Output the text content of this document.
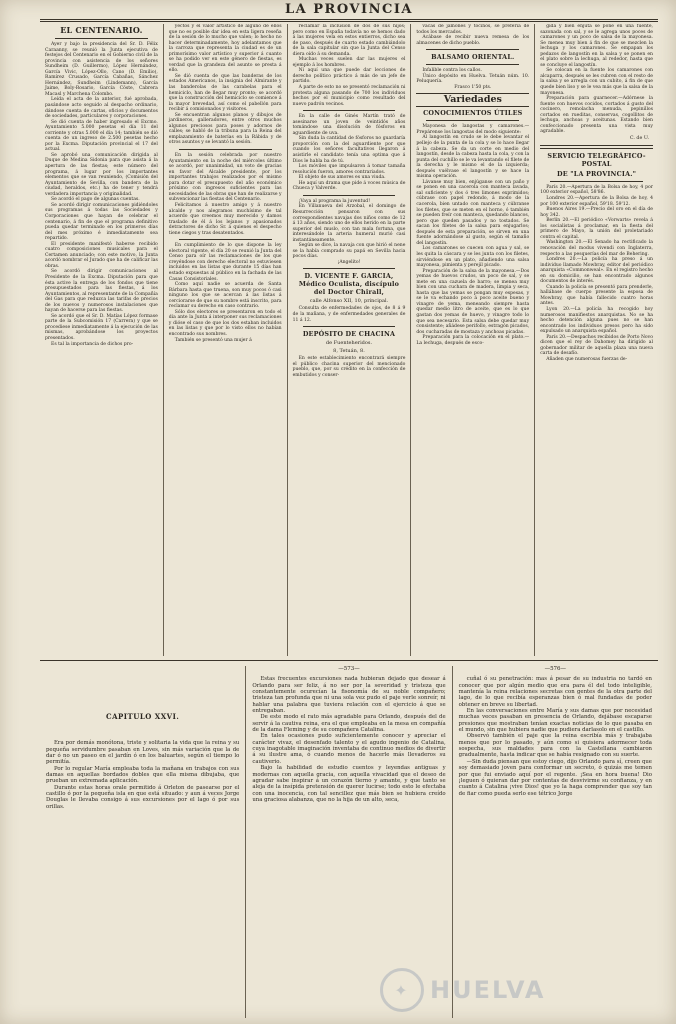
LA PROVINCIA
EL CENTENARIO.

Ayer y bajo la presidencia del Sr. D. Félix Caraanny, se reunió la Junta ejecutiva de festejos del Centenario en el Gobierno civil de la provincia con asistencia de los señores Sundheim (D. Guillermo), López Hernández, García Vivic, López-Ollo, Cano (D. Emilio), Ramírez Crusado, García Cabañas, Sánchez Hernández, Sundheim (Lindemann), García Jaime, Boly-Rosario, García Cöste, Cabrera Macasl y Marchena Colombo.

Leída el acta de la anterior, fué aprobada, pasándose acto seguido al despacho ordinario, dándose cuenta de cartas, oficios y documentos de sociedades, particulares y corporaciones.

Se dió cuenta de haber ingresado el Excmo. Ayuntamiento 5.000 pesetas el día 11 del corriente y otras 5.000 el día 14; también se dió cuenta de un ingreso de 2.500 pesetas hecho por la Excma. Diputación provincial el 17 del actual.

Se aprobó una comunicación dirigida al Duque de Medina Sidonia para que asista á la apertura de las fiestas; este número del programa, á lugar por los importantes elementos que se van reuniendo, (Comisión del Ayuntamiento de Sevilla, con bandera de la ciudad, heraldos, etc.) ha de tener y tendrá verdadera importancia y originalidad.

Se acordó el pago de algunas cuentas.

Se acordó dirigir comunicaciones pidiéndoles sus programas á todas las Sociedades y Corporaciones que hayan de celebrar el centenario, á fin de que el programa definitivo pueda quedar terminado en los primeros días del mes próximo é inmediatamente sea repartido.

El presidente manifestó haberse recibido cuatro composiciones musicales para el Certamen anunciado; con este motivo, la Junta acordó nombrar el Jurado que ha de calificar las obras.

Se acordó dirigir comunicaciones al Presidente de la Excma. Diputación para que ésta active la entrega de los fondos que tiene presupuestados para las fiestas, á los Ayuntamientos, al representante de la Compañía del Gas para que reduzca las tarifas de precios de los nuevos y numerosos instalaciones que hayan de hacerse para las fiestas.

Se acordó que el Sr. D. Matías López formase parte de la Subcomisión 17 (Carrera) y que se procediese inmediatamente á la ejecución de las mismas, aprobándose los proyectos presentados.

Es tal la importancia de dichos pro-

yectos y el valor artístico de alguno de ellos que no es posible dar idea en esta ligera reseña de la sesión de lo mucho que valen; lo hecho no hacer determinadamente, hoy adelantamos que la carroza que representa la ciudad es de un primorísimo valor artístico y superior á cuanto se ha podido ver en este género de fiestas, es verdad que la grandeza del asunto se presta á ello.

Se dió cuenta de que las banderas de los estados Americanos, la insignia del Almirante y las banderolas de las carabelas para el hemiciclo, han de llegar muy pronto; se acordó que la construcción del hemiciclo se comience á la mayor brevedad, así como el pabellón para recibir á comisionados y visitores.

Se encuentran algunos planos y dibujos de jardineros, galleradores, entre otros muchos algunos preciosos para poses y adornos de calles; se habló de la tribuna para la Reina del emplazamiento de baterías en la Rábida y de otros asuntos y se levantó la sesión.

En la sesión celebrada por nuestro Ayuntamiento en la noche del miércoles último se acordó, por unanimidad, un voto de gracias en favor del Alcalde presidente, por los importantes trabajos realizados por el mismo para dotar el presupuesto del año económico próximo con ingresos suficientes para las necesidades de las obras que han de realizarse y subvencionar las fiestas del Centenario.

Felicitamos á nuestro amigo y á nuestro alcalde y nos alegramos muchísimo de tal acuerdo que creemos muy merecido y damos traslado de él á los lejanos y apasionados detractores de dicho Sr. á quienes el despecho tiene ciegos y tras desatentados.

En cumplimiento de lo que dispone la ley electoral vigente, el día 20 se reunió la Junta del Censo para oír las reclamaciones de los que creyéndose con derecho electoral no estuviesen incluidos en las listas que durante 15 días han estado expuestas al público en la fachada de las Casas Consistoriales.

Como aquí nadie se acuerda de Santa Bárbara hasta que truena, son muy pocos ó casi ninguno los que se acercan á las listas á cerciorarse de que su nombre está inscrito, para reclamar su derecho en caso contrario.

Sólo dos electores se presentaron en todo el día ante la Junta á interponer sus reclamaciones y dióse el caso de que los dos estaban incluidos en las listas y que por lo visto ellos no habían encontrado sus nombres.

También se presentó una mujer á

reclamar la inclusión de dos de sus hijos; pero como en España todavía no se hemos dado á las mujeres vela en estos entierros, dicho sea de paso, después de cuarto estado cambiándolo de la sala capitular sin que la Junta del Censo diera oído á su demanda.

Muchas veces suelen dar las mujeres el ejemplo á los hombres.

Ni aquí una que puede dar lecciones de derecho político práctico á más de un jefe de partido.

A parte de esto no se presentó reclamación ni protesta alguna pasando de 700 los individuos hechos por el municipio como resultado del nuevo padrón vecinos.

En la calle de Ginés Martín trató de asesinarse un joven de veintidós años tomándose una disolución de fósforos en aguardiente de uva.

Sin duda la cantidad de fósforos no guardaría proporción con la del aguardiente por que cuando los señores facultativos llegaron á asistirle el candidato tenía una optima que á Dios le habla ba de tú.

Los móviles que impulsaron á tomar tamaña resolución fueron, amores contrariados.

El objeto de sus amores es una viuda.

He aquí un drama que pide á voces música de Chueca y Valverde.

¡Vaya al programa la juventud!

En Villanueva del Arzobal, el domingo de Resurrección pensaron con sus correspondientes navajas dos niños como de 12 á 13 años, siendo uno de ellos herido en la parte superior del muslo, con tan mala fortuna, que interesándole la arteria humeral murió casi instantáneamente.

Según se dice, la navaja con que hirió el nene se la había comprado su papá en Sevilla hacia pocos días.

¡Angelito!

D. VICENTE F. GARCIA, Médico Oculista, discípulo del Doctor Chirall,
calle Alfonso XII, 10, principal.

Consulta de enfermedades de ojos, de 8 á 9 de la mañana, y de enfermedades generales de 11 á 12.

DEPÓSITO DE CHACINA
de Fuenteheridos.
8, Tetuán, 8.

En este establecimiento encontrará siempre el público chacina superior del mencionado pueblo, que, por su crédito en la confección de embutidos y conser-

vacas de jamones y tocinos, se prefería de todos los mercados.

Acábase de recibir nueva remesa de los almacenes de dicho pueblo.

BALSAMO ORIENTAL.

Infalible contra los callos.

Único depósito en Huelva. Tetuán núm. 10. Peluquería.

Frasco 1'50 pts.

Variedades
CONOCIMIENTOS ÚTILES

Mayonesa de langostas y camarones.—Prepárense los langostas del modo siguiente:

Al langostín en crudo se le debe levantar el pellejo de la punta de la cola y se lo hace llegar á la cabeza. Se da un corte en medio del langostín, desde la cabeza hasta la cola, y con la punta del cuchillo se le va levantando el filete de la derecha y le mismo el de la izquierda; después vuélvase el langostín y se hace la misma operación.

Lávanse muy bien, enjúganse con un paño y se ponen en una cacerola con manteca lavada, sal suficiente y dos ó tres limones exprimidos; cúbrase con papel redondo, á modo de la cacerola, bien untado con manteca y cúbranse los filetes, que se meten en el horno, ó también se pueden freír con manteca, quedando blancos, pero que queden pasados y no tostados. Se sacan los filetes de la salsa para enjugarlos; después de esta preparación, se sirven en una fuente adornándose al gusto, según el tamaño del langostín.

Los camarones se cuecen con agua y sal, se les quita la cáscara y se les junta con los filetes, sirviéndose en un plato, añadiendo una salsa mayonesa, pimienta y perejil picado.

Preparación de la salsa de la mayonesa.—Dos yemas de huevos crudos, un poco de sal, y se mete en una cazuela de barro; se menea muy bien con una cuchara de madera, limpia y seca, hasta que las yemas se pongan muy espesas, y se le va echando poco á poco aceite bueno y vinagre de yema, meneando siempre hasta quedar medio litro de aceite, que es lo que gastan dos yemas de huevo, y vinagre todo lo que sea necesario. Esta salsa debe quedar muy consistente; añádese perifollo, estragón picados, dos cucharadas de mostaza y anchoas picadas.

Preparación para la colocación en el plato.—La lechuga, después de esco-

gida y bien enjuta se pone en una fuente, sazonada con sal, y se le agrega unos poces de camarones y un poco de salsa de la mayonesa. Se menea muy bien á fin de que se mezclen la lechuga y los camarones. Se empapan los pedazos de langostín en la salsa y se ponen en el plato sobre la lechuga, al rededor, hasta que se concluye el langostín.

Se colocan en la fuente los camarones con alcaparra, después se les cubren con el resto de la salsa y se arregla con un cubito, á fin de que quede bien liso y se le vea más que la salsa de la mayonesa.

Preparación para guarnecer.—Adórnese la fuente con huevos cocidos, cortados á gusto del cocinero, remolacha menuda, pepinillos cortados en rueditas, conservas, cogollitos de lechuga, anchoas y aceitunas. Estando bien confeccionado presenta una vista muy agradable.

C. de U.
SERVICIO TELEGRÁFICO-POSTAL
DE "LA PROVINCIA."

París 20.—Apertura de la Bolsa de hoy, 4 por 100 exterior español, 58'86.

Londres 20.—Apertura de la Bolsa de hoy, 4 por 100 exterior español, 59'18. 59'12.

Buenos Aires 19.—Precio del oro en el día de hoy 342.

Berlín 20.—El periódico «Vorwarts» revela á los socialistas á proclamar, en la fiesta del primero de Mayo, la unión del proletariado contra el capital.

Washington 20.—El Senado ha rectificado la renovación del modus vivendi con Inglaterra, respecto a las pesquerías del mar de Behering.

Londres 20.—La policía ha preso á un individuo llamado Mowbray, editor del periódico anarquista «Commonweal». En el registro hecho en su domicilio, se han encontrado algunos documentos de interés.

Cuando la policía se presentó para prenderle, hallábase de cuerpo presente la esposa de Mowbray, que había fallecido cuatro horas antes.

Lyon 20.—La policía ha recogido hoy numerosos manifiestos anarquistas. No se ha hecho detención alguna pues no se han encontrado los individuos presos pero ha sido expulsado un anarquista español.

París 20.—Despachos recibidos de Porto Novo dicen que el rey de Dahomey ha dirigido al gobernador militar de aquella plaza una nueva carta de desafío.

Añaden que numerosas fuerzas de-

CAPITULO XXVI.

Era por demás monótona, triste y solitaria la vida que la reina y su pequeña servidumbre pasaban en Loves, sin más variación que la de dar ó no un paseo en el jardín ó en los baluartes, según el tiempo lo permitía.

Por lo regular María empleaba toda la mañana en trabajos con sus damas en aquellas bordados dobles que ella misma dibujaba, que prueban un extremada aplicación.

Durante estas horas orale permitido á Orleton de pasearse por el castillo ó por la pequeña isla en que está situado: y aun á veces Jorge Douglas le llevaba consigo á sus excursiones por el lago ó por sus orillas.

—573—

Estas frecuentes excursiones nada hubieran dejado que desear á Orlando para ser feliz, á no ser por la severidad y tristeza que constantemente ocurecían la fisonomía de su noble compañero; tristeza tan profunda que ni una sola vez pudo el paje verle sonreír, ni hablar una palabra que tuviera relación con el ejercicio á que se entregaban.

De este modo el rato más agradable para Orlando, después del de servir á la cautiva reina, era el que empleaba en la mesa en compañía de la dama Fleming y de su compañera Catalina.

En tales ocasiones pudo suficientemente conocer y apreciar el carácter vivaz, el desenfado talento y el agudo ingenio de Catalina, cuya inagotable imaginación inventaba de continuo medios de divertir á su ilustre ama, ó cuando menos de hacerle más llevaderos su cautiverio.

Bajo la habilidad de estudio cuentos y leyendas antiguas y modernas con aquella gracia, con aquella vivacidad que el deseo de agradar sabe inspirar á un corazón tierno y amante, y que tanto se aleja de la insípida pretensión de querer lucirse; todo esto le efectaba con una inocencia, con tal sencillez que más bien se hubiera creído una graciosa alabanza, que no la hija de un alto, seca,

—576—

cuñal ó su penetración: mas á pesar de su industria no tardó en conocer que por algún medio que era para él del todo inteligible, mantenía la reina relaciones secretas con gentes de la otra parte del lago, de lo que recibía esperanzas bien ó mal fundadas de poder obtener en breve su libertad.

En las conversaciones entre María y sus damas que por necesidad muchas veces pasaban en presencia de Orlando, dejábase escaparse presiones que mostraban tenían exactas noticias de lo que pasaba en el mundo, sin que hubiera nadie que pudiera darlasolo en el castillo.

Observó también el paje que la reina escribía más y trabajaba menos que por lo pasado, y aún como si quisiera adormecer toda sospecha, sus maldades para con la Castellana cambiaron gradualmente, hasta indicar que se había resignado con su suerte.

—Sin duda piensan que estoy ciego, dijo Orlando para sí, creen que soy demasiado joven para conformar un secreto, ó quizás me temen por que fui enviado aquí por el regente. ¡Sea en hora buena! Dio ¡leguen ó quieran dar por contentas de desvivirme su confianza, y en cuanto á Catalina ¡vive Dios! que yo la haga comprender que soy tan de fiar como pueda serlo ese tétrico Jorge

✦ HUELVA
